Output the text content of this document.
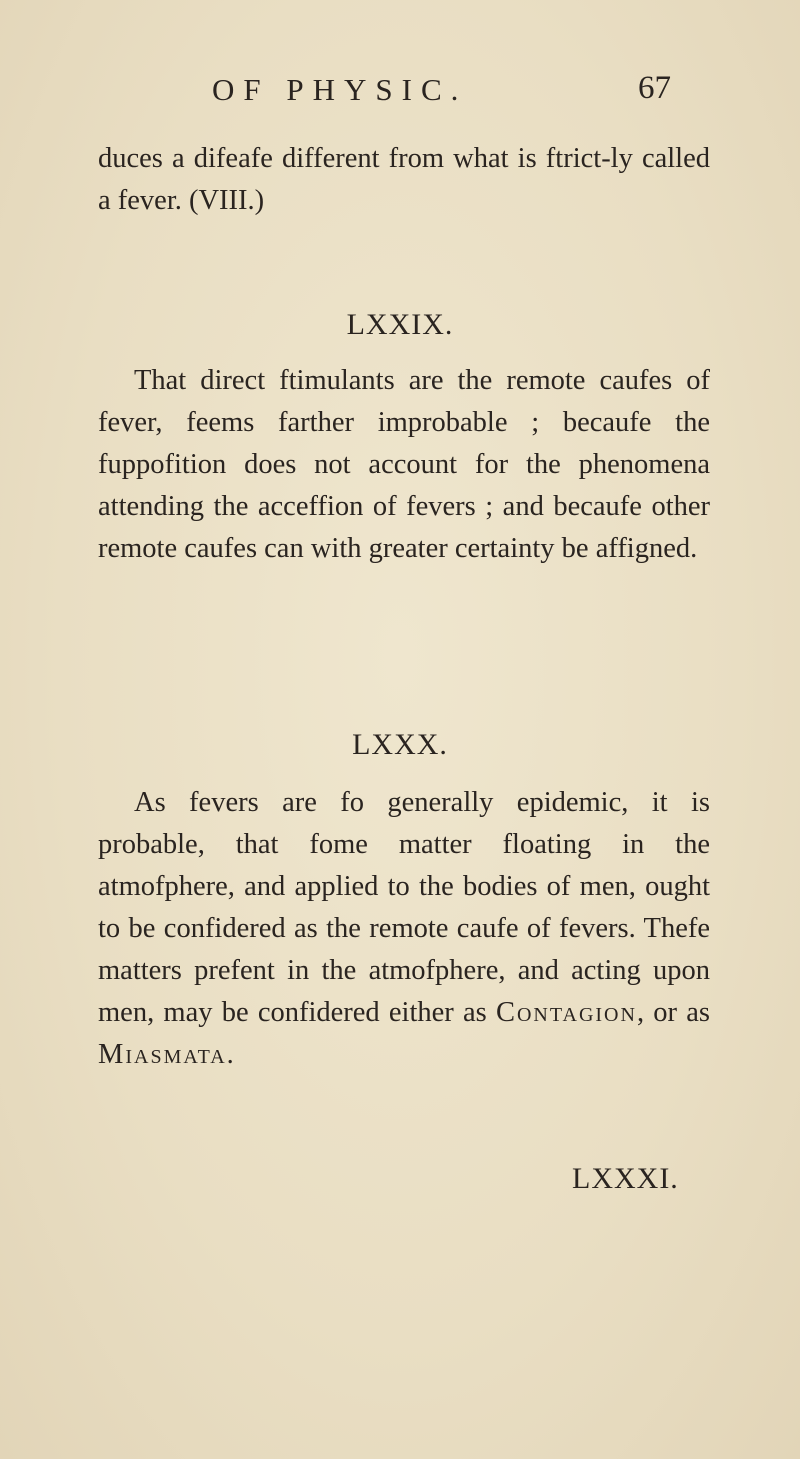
OF PHYSIC.	67

duces a difeafe different from what is ftrict-ly called a fever. (VIII.)

LXXIX.

That direct ftimulants are the remote caufes of fever, feems farther improbable ; becaufe the fuppofition does not account for the phenomena attending the acceffion of fevers ; and becaufe other remote caufes can with greater certainty be affigned.

LXXX.

As fevers are fo generally epidemic, it is probable, that fome matter floating in the atmofphere, and applied to the bodies of men, ought to be confidered as the remote caufe of fevers. Thefe matters prefent in the atmofphere, and acting upon men, may be confidered either as Contagion, or as Miasmata.

LXXXI.
